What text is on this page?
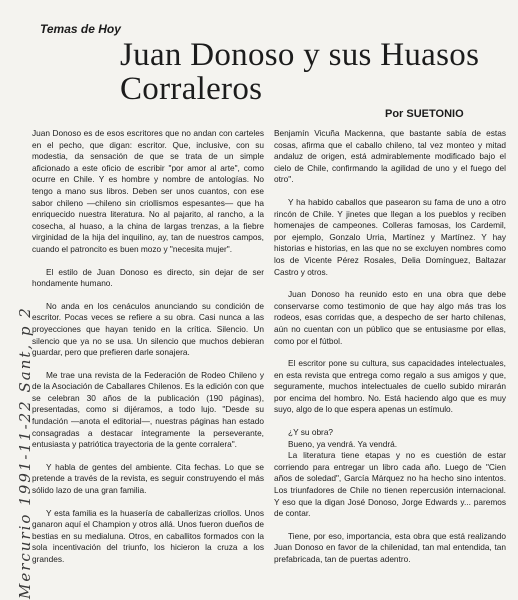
Temas de Hoy
Juan Donoso y sus Huasos Corraleros
Por SUETONIO
Mercurio 1991-11-22 Sant, p 2

Juan Donoso es de esos escritores que no andan con carteles en el pecho, que digan: escritor. Que, inclusive, con su modestia, da sensación de que se trata de un simple aficionado a este oficio de escribir "por amor al arte", como ocurre en Chile. Y es hombre y nombre de antologías. No tengo a mano sus libros. Deben ser unos cuantos, con ese sabor chileno —chileno sin criollismos espesantes— que ha enriquecido nuestra literatura. No al pajarito, al rancho, a la cosecha, al huaso, a la china de largas trenzas, a la fiebre virginidad de la hija del inquilino, ay, tan de nuestros campos, cuando el patroncito es buen mozo y "necesita mujer".

El estilo de Juan Donoso es directo, sin dejar de ser hondamente humano.

No anda en los cenáculos anunciando su condición de escritor. Pocas veces se refiere a su obra. Casi nunca a las proyecciones que hayan tenido en la crítica. Silencio. Un silencio que ya no se usa. Un silencio que muchos debieran guardar, pero que prefieren darle sonajera.

Me trae una revista de la Federación de Rodeo Chileno y de la Asociación de Caballares Chilenos. Es la edición con que se celebran 30 años de la publicación (190 páginas), presentadas, como si dijéramos, a todo lujo. "Desde su fundación —anota el editorial—, nuestras páginas han estado consagradas a destacar íntegramente la perseverante, entusiasta y patriótica trayectoria de la gente corralera".

Y habla de gentes del ambiente. Cita fechas. Lo que se pretende a través de la revista, es seguir construyendo el más sólido lazo de una gran familia.

Y esta familia es la huasería de caballerizas criollos. Unos ganaron aquí el Champion y otros allá. Unos fueron dueños de bestias en su medialuna. Otros, en caballitos formados con la sola incentivación del triunfo, los hicieron la cruza a los grandes.

Benjamín Vicuña Mackenna, que bastante sabía de estas cosas, afirma que el caballo chileno, tal vez monteo y mitad andaluz de origen, está admirablemente modificado bajo el cielo de Chile, confirmando la agilidad de uno y el fuego del otro".

Y ha habido caballos que pasearon su fama de uno a otro rincón de Chile. Y jinetes que llegan a los pueblos y reciben homenajes de campeones. Colleras famosas, los Cardemil, por ejemplo, Gonzalo Urria, Martínez y Martínez. Y hay historias e historias, en las que no se excluyen nombres como los de Vicente Pérez Rosales, Delia Domínguez, Baltazar Castro y otros.

Juan Donoso ha reunido esto en una obra que debe conservarse como testimonio de que hay algo más tras los rodeos, esas corridas que, a despecho de ser harto chilenas, aún no cuentan con un público que se entusiasme por ellas, como por el fútbol.

El escritor pone su cultura, sus capacidades intelectuales, en esta revista que entrega como regalo a sus amigos y que, seguramente, muchos intelectuales de cuello subido mirarán por encima del hombro. No. Está haciendo algo que es muy suyo, algo de lo que espera apenas un estímulo.

¿Y su obra?

Bueno, ya vendrá. Ya vendrá.

La literatura tiene etapas y no es cuestión de estar corriendo para entregar un libro cada año. Luego de "Cien años de soledad", García Márquez no ha hecho sino intentos. Los triunfadores de Chile no tienen repercusión internacional. Y eso que la digan José Donoso, Jorge Edwards y... paremos de contar.

Tiene, por eso, importancia, esta obra que está realizando Juan Donoso en favor de la chilenidad, tan mal entendida, tan prefabricada, tan de puertas adentro.
